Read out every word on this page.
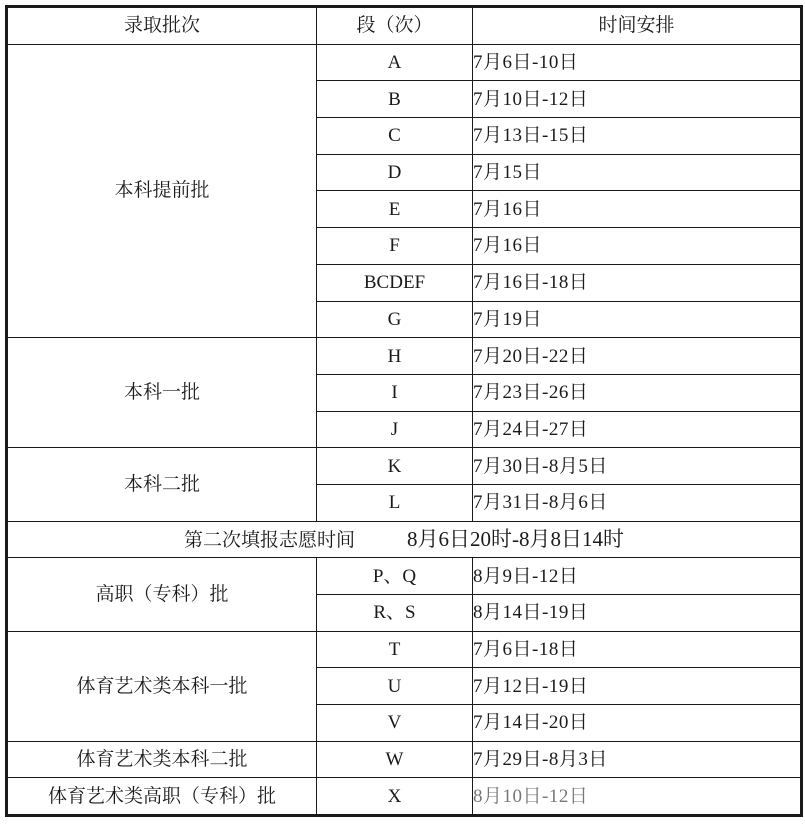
录取批次	段（次）	时间安排
本科提前批	A	7月6日-10日
	B	7月10日-12日
	C	7月13日-15日
	D	7月15日
	E	7月16日
	F	7月16日
	BCDEF	7月16日-18日
	G	7月19日
本科一批	H	7月20日-22日
	I	7月23日-26日
	J	7月24日-27日
本科二批	K	7月30日-8月5日
	L	7月31日-8月6日
第二次填报志愿时间 8月6日20时-8月8日14时		
高职（专科）批	P、Q	8月9日-12日
	R、S	8月14日-19日
体育艺术类本科一批	T	7月6日-18日
	U	7月12日-19日
	V	7月14日-20日
体育艺术类本科二批	W	7月29日-8月3日
体育艺术类高职（专科）批	X	8月10日-12日
